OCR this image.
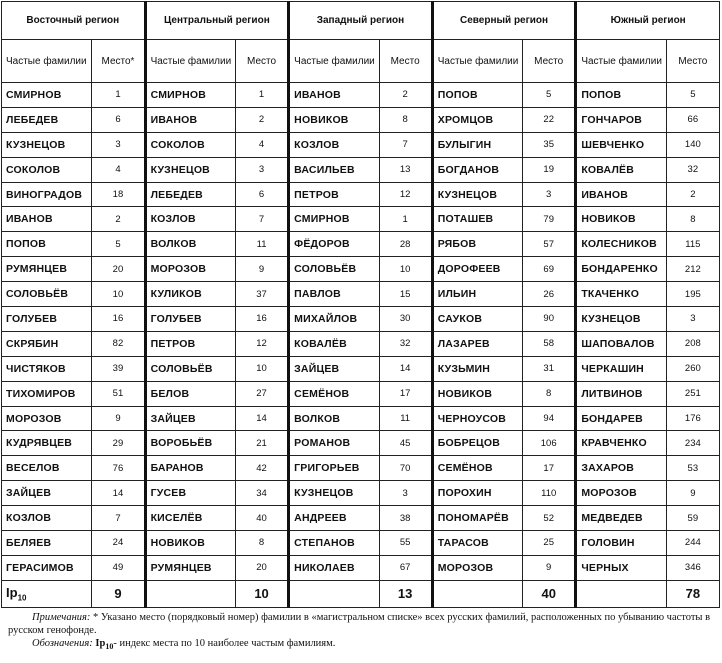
Восточный регион		Центральный регион		Западный регион		Северный регион		Южный регион	
Частые фамилии	Место*	Частые фамилии	Место	Частые фамилии	Место	Частые фамилии	Место	Частые фамилии	Место
СМИРНОВ	1	СМИРНОВ	1	ИВАНОВ	2	ПОПОВ	5	ПОПОВ	5
ЛЕБЕДЕВ	6	ИВАНОВ	2	НОВИКОВ	8	ХРОМЦОВ	22	ГОНЧАРОВ	66
КУЗНЕЦОВ	3	СОКОЛОВ	4	КОЗЛОВ	7	БУЛЫГИН	35	ШЕВЧЕНКО	140
СОКОЛОВ	4	КУЗНЕЦОВ	3	ВАСИЛЬЕВ	13	БОГДАНОВ	19	КОВАЛЁВ	32
ВИНОГРАДОВ	18	ЛЕБЕДЕВ	6	ПЕТРОВ	12	КУЗНЕЦОВ	3	ИВАНОВ	2
ИВАНОВ	2	КОЗЛОВ	7	СМИРНОВ	1	ПОТАШЕВ	79	НОВИКОВ	8
ПОПОВ	5	ВОЛКОВ	11	ФЁДОРОВ	28	РЯБОВ	57	КОЛЕСНИКОВ	115
РУМЯНЦЕВ	20	МОРОЗОВ	9	СОЛОВЬЁВ	10	ДОРОФЕЕВ	69	БОНДАРЕНКО	212
СОЛОВЬЁВ	10	КУЛИКОВ	37	ПАВЛОВ	15	ИЛЬИН	26	ТКАЧЕНКО	195
ГОЛУБЕВ	16	ГОЛУБЕВ	16	МИХАЙЛОВ	30	САУКОВ	90	КУЗНЕЦОВ	3
СКРЯБИН	82	ПЕТРОВ	12	КОВАЛЁВ	32	ЛАЗАРЕВ	58	ШАПОВАЛОВ	208
ЧИСТЯКОВ	39	СОЛОВЬЁВ	10	ЗАЙЦЕВ	14	КУЗЬМИН	31	ЧЕРКАШИН	260
ТИХОМИРОВ	51	БЕЛОВ	27	СЕМЁНОВ	17	НОВИКОВ	8	ЛИТВИНОВ	251
МОРОЗОВ	9	ЗАЙЦЕВ	14	ВОЛКОВ	11	ЧЕРНОУСОВ	94	БОНДАРЕВ	176
КУДРЯВЦЕВ	29	ВОРОБЬЁВ	21	РОМАНОВ	45	БОБРЕЦОВ	106	КРАВЧЕНКО	234
ВЕСЕЛОВ	76	БАРАНОВ	42	ГРИГОРЬЕВ	70	СЕМЁНОВ	17	ЗАХАРОВ	53
ЗАЙЦЕВ	14	ГУСЕВ	34	КУЗНЕЦОВ	3	ПОРОХИН	110	МОРОЗОВ	9
КОЗЛОВ	7	КИСЕЛЁВ	40	АНДРЕЕВ	38	ПОНОМАРЁВ	52	МЕДВЕДЕВ	59
БЕЛЯЕВ	24	НОВИКОВ	8	СТЕПАНОВ	55	ТАРАСОВ	25	ГОЛОВИН	244
ГЕРАСИМОВ	49	РУМЯНЦЕВ	20	НИКОЛАЕВ	67	МОРОЗОВ	9	ЧЕРНЫХ	346
$Ip_{10}$	9		10		13		40		78

Примечания: * Указано место (порядковый номер) фамилии в «магистральном списке» всех русских фамилий, расположенных по убыванию частоты в русском генофонде.

Обозначения: $Ip_{10}-$ индекс места по 10 наиболее частым фамилиям.
